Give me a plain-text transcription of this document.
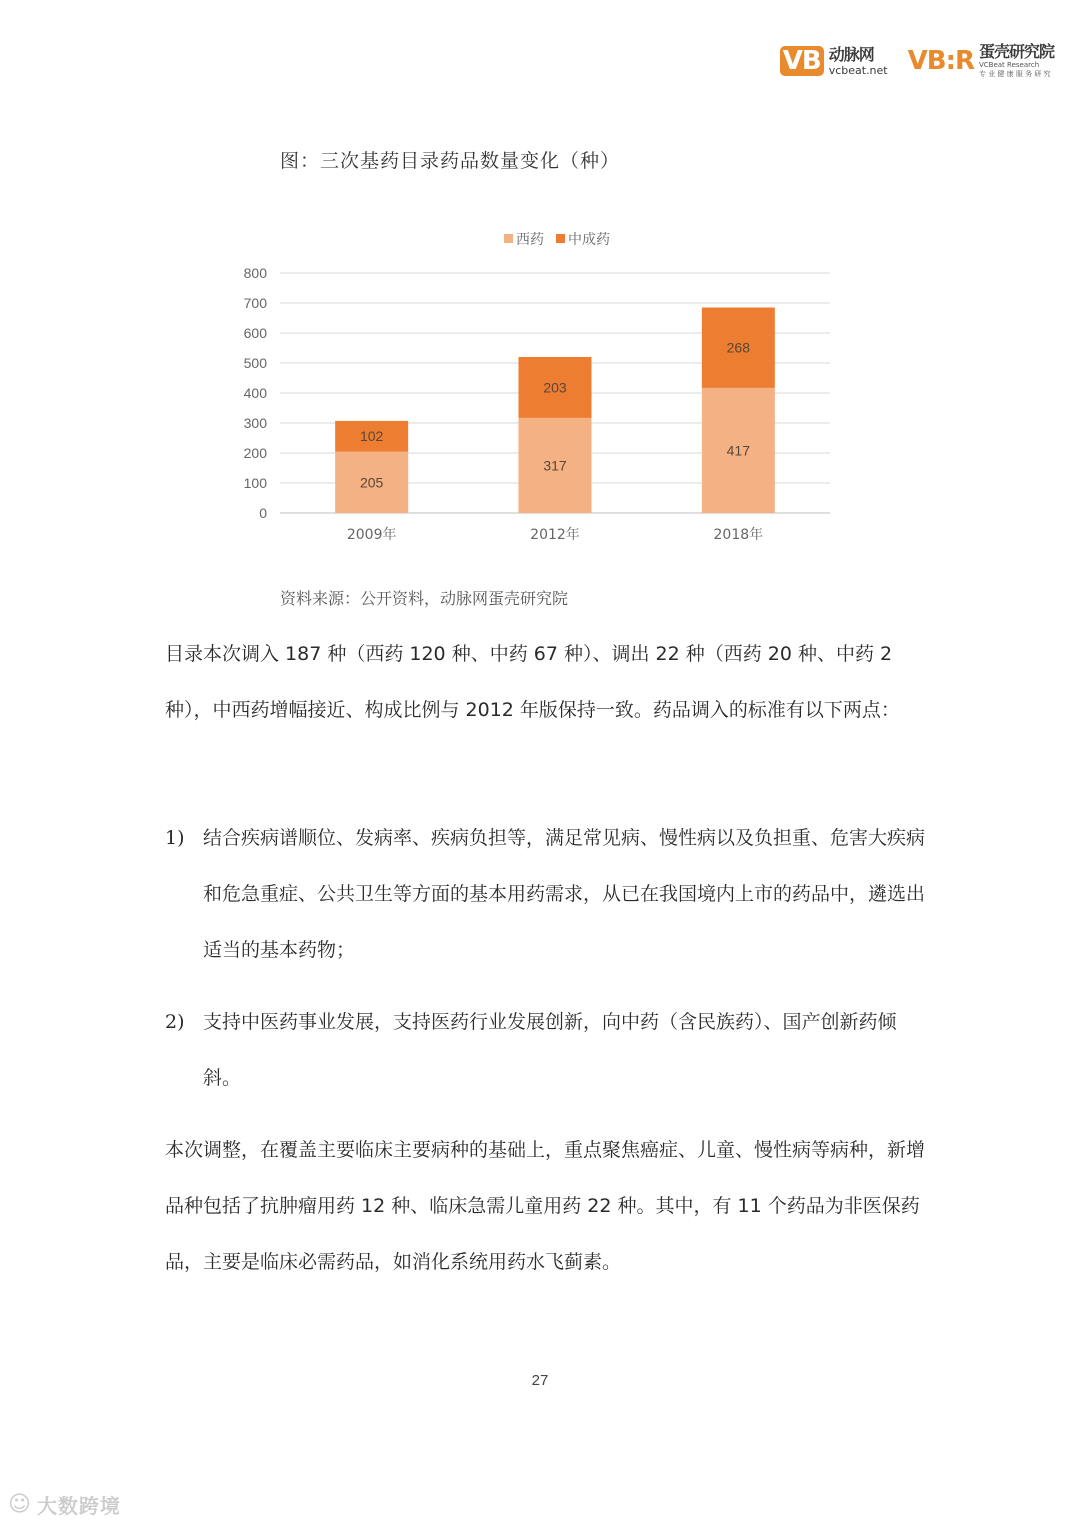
VB 动脉网
vcbeat.net VB:R 蛋壳研究院
VCBeat Research
专 业 健 康 服 务 研 究
图：三次基药目录药品数量变化（种）
0
100
200
300
400
500
600
700
800
205
102
2009年
317
203
2012年
417
268
2018年
西药 中成药
资料来源：公开资料，动脉网蛋壳研究院
目录本次调入 187 种（西药 120 种、中药 67 种）、调出 22 种（西药 20 种、中药 2 种），中西药增幅接近、构成比例与 2012 年版保持一致。药品调入的标准有以下两点：
1) 结合疾病谱顺位、发病率、疾病负担等，满足常见病、慢性病以及负担重、危害大疾病和危急重症、公共卫生等方面的基本用药需求，从已在我国境内上市的药品中，遴选出适当的基本药物；
2) 支持中医药事业发展，支持医药行业发展创新，向中药（含民族药）、国产创新药倾斜。
本次调整，在覆盖主要临床主要病种的基础上，重点聚焦癌症、儿童、慢性病等病种，新增品种包括了抗肿瘤用药 12 种、临床急需儿童用药 22 种。其中，有 11 个药品为非医保药品，主要是临床必需药品，如消化系统用药水飞蓟素。
27
☺ 大数跨境
